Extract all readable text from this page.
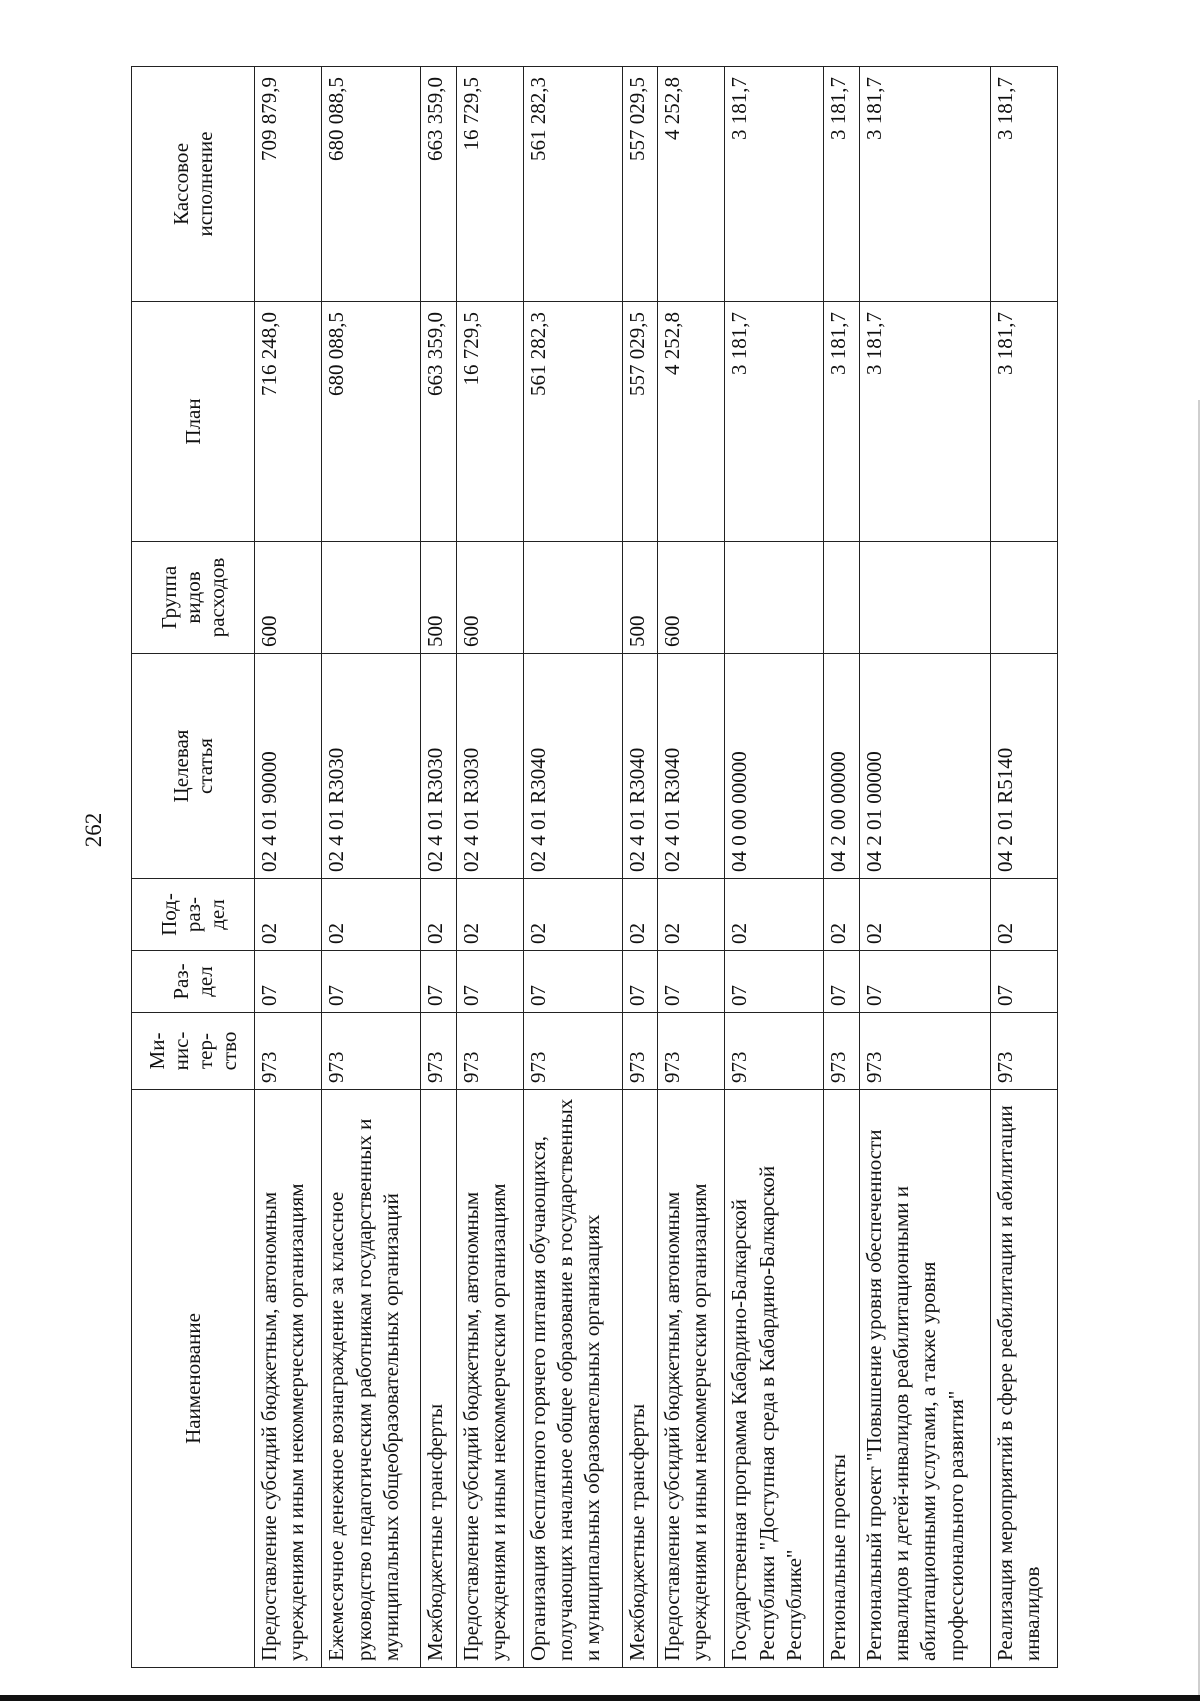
262
Наименование	Ми-
нис-
тер-
ство	Раз-
дел	Под-
раз-
дел	Целевая
статья	Группа
видов
расходов	План	Кассовое
исполнение
Предоставление субсидий бюджетным, автономным учреждениям и иным некоммерческим организациям	973	07	02	02 4 01 90000	600	716 248,0	709 879,9
Ежемесячное денежное вознаграждение за классное руководство педагогическим работникам государственных и муниципальных общеобразовательных организаций	973	07	02	02 4 01 R3030		680 088,5	680 088,5
Межбюджетные трансферты	973	07	02	02 4 01 R3030	500	663 359,0	663 359,0
Предоставление субсидий бюджетным, автономным учреждениям и иным некоммерческим организациям	973	07	02	02 4 01 R3030	600	16 729,5	16 729,5
Организация бесплатного горячего питания обучающихся, получающих начальное общее образование в государственных и муниципальных образовательных организациях	973	07	02	02 4 01 R3040		561 282,3	561 282,3
Межбюджетные трансферты	973	07	02	02 4 01 R3040	500	557 029,5	557 029,5
Предоставление субсидий бюджетным, автономным учреждениям и иным некоммерческим организациям	973	07	02	02 4 01 R3040	600	4 252,8	4 252,8
Государственная программа Кабардино-Балкарской Республики "Доступная среда в Кабардино-Балкарской Республике"	973	07	02	04 0 00 00000		3 181,7	3 181,7
Региональные проекты	973	07	02	04 2 00 00000		3 181,7	3 181,7
Региональный проект "Повышение уровня обеспеченности инвалидов и детей-инвалидов реабилитационными и абилитационными услугами, а также уровня профессионального развития"	973	07	02	04 2 01 00000		3 181,7	3 181,7
Реализация мероприятий в сфере реабилитации и абилитации инвалидов	973	07	02	04 2 01 R5140		3 181,7	3 181,7
